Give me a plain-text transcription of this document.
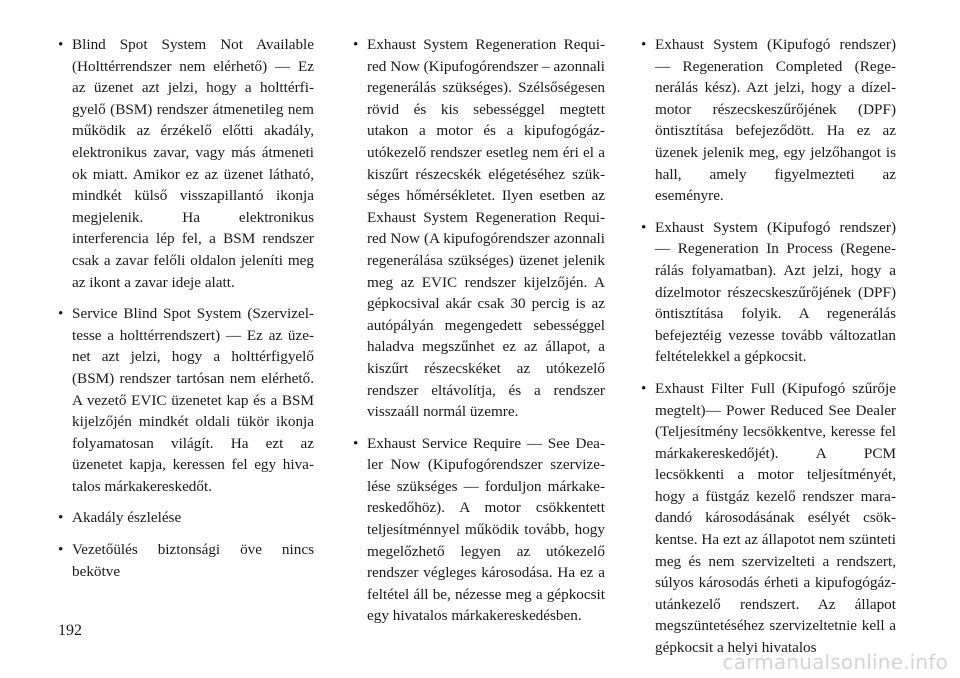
• Blind Spot System Not Available (Holttérrendszer nem elérhető) — Ez az üzenet azt jelzi, hogy a holttérfigyelő (BSM) rendszer átmenetileg nem működik az érzékelő előtti akadály, elektronikus zavar, vagy más átmeneti ok miatt. Amikor ez az üzenet látható, mindkét külső visszapillantó ikonja megjelenik. Ha elektronikus interferencia lép fel, a BSM rendszer csak a zavar felőli oldalon jeleníti meg az ikont a zavar ideje alatt.
• Service Blind Spot System (Szervizeltesse a holttérrendszert) — Ez az üzenet azt jelzi, hogy a holttérfigyelő (BSM) rendszer tartósan nem elérhető. A vezető EVIC üzenetet kap és a BSM kijelzőjén mindkét oldali tükör ikonja folyamatosan világít. Ha ezt az üzenetet kapja, keressen fel egy hivatalos márkakereskedőt.
• Akadály észlelése
• Vezetőülés biztonsági öve nincs bekötve
• Exhaust System Regeneration Required Now (Kipufogórendszer – azonnali regenerálás szükséges). Szélsőségesen rövid és kis sebességgel megtett utakon a motor és a kipufogógáz-utókezelő rendszer esetleg nem éri el a kiszűrt részecskék elégetéséhez szükséges hőmérsékletet. Ilyen esetben az Exhaust System Regeneration Required Now (A kipufogórendszer azonnali regenerálása szükséges) üzenet jelenik meg az EVIC rendszer kijelzőjén. A gépkocsival akár csak 30 percig is az autópályán megengedett sebességgel haladva megszűnhet ez az állapot, a kiszűrt részecskéket az utókezelő rendszer eltávolítja, és a rendszer visszaáll normál üzemre.
• Exhaust Service Require — See Dealer Now (Kipufogórendszer szervizelése szükséges — forduljon márkakereskedőhöz). A motor csökkentett teljesítménnyel működik tovább, hogy megelőzhető legyen az utókezelő rendszer végleges károsodása. Ha ez a feltétel áll be, nézesse meg a gépkocsit egy hivatalos márkakereskedésben.
• Exhaust System (Kipufogó rendszer) — Regeneration Completed (Regenerálás kész). Azt jelzi, hogy a dízelmotor részecskeszűrőjének (DPF) öntisztítása befejeződött. Ha ez az üzenek jelenik meg, egy jelzőhangot is hall, amely figyelmezteti az eseményre.
• Exhaust System (Kipufogó rendszer) — Regeneration In Process (Regenerálás folyamatban). Azt jelzi, hogy a dízelmotor részecskeszűrőjének (DPF) öntisztítása folyik. A regenerálás befejeztéig vezesse tovább változatlan feltételekkel a gépkocsit.
• Exhaust Filter Full (Kipufogó szűrője megtelt)— Power Reduced See Dealer (Teljesítmény lecsökkentve, keresse fel márkakereskedőjét). A PCM lecsökkenti a motor teljesítményét, hogy a füstgáz kezelő rendszer maradandó károsodásának esélyét csökkentse. Ha ezt az állapotot nem szünteti meg és nem szervizelteti a rendszert, súlyos károsodás érheti a kipufogógáz-utánkezelő rendszert. Az állapot megszüntetéséhez szervizeltetnie kell a gépkocsit a helyi hivatalos
192
carmanualsonline.info
